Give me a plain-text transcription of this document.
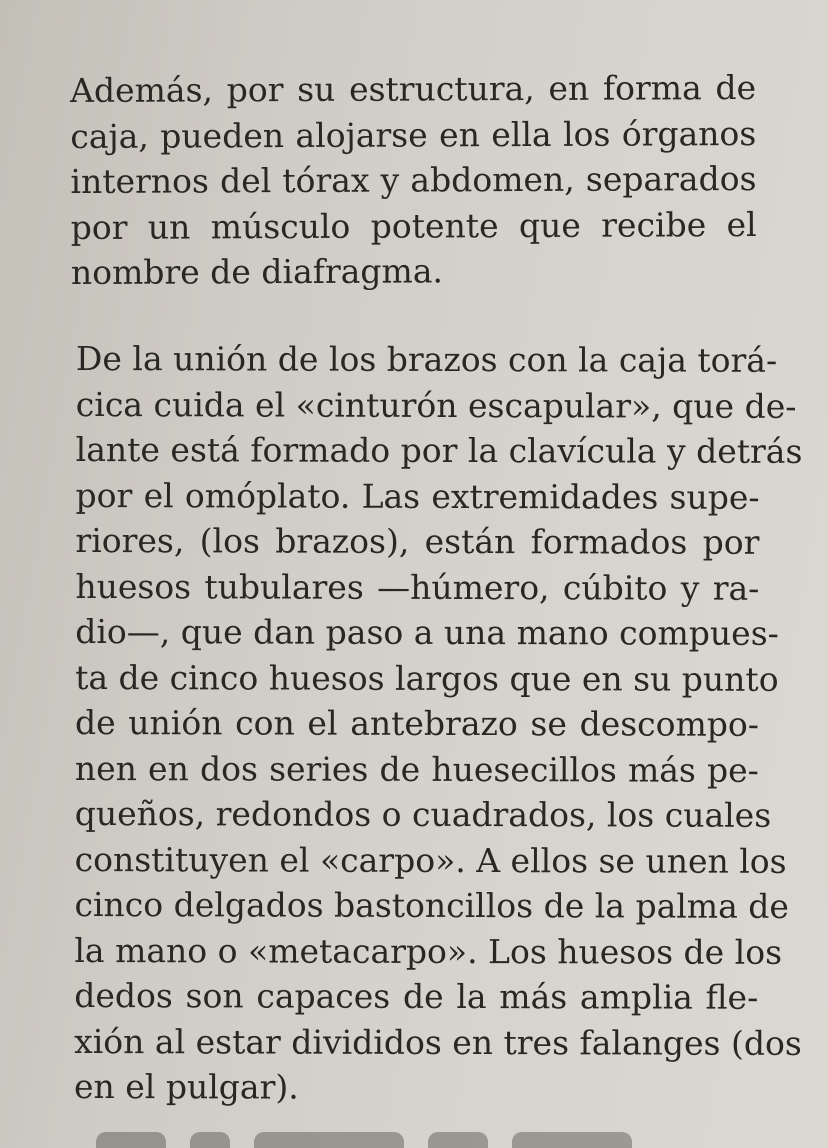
Además, por su estructura, en forma de
caja, pueden alojarse en ella los órganos
internos del tórax y abdomen, separados
por un músculo potente que recibe el
nombre de diafragma.

De la unión de los brazos con la caja torá-
cica cuida el «cinturón escapular», que de-
lante está formado por la clavícula y detrás
por el omóplato. Las extremidades supe-
riores, (los brazos), están formados por
huesos tubulares —húmero, cúbito y ra-
dio—, que dan paso a una mano compues-
ta de cinco huesos largos que en su punto
de unión con el antebrazo se descompo-
nen en dos series de huesecillos más pe-
queños, redondos o cuadrados, los cuales
constituyen el «carpo». A ellos se unen los
cinco delgados bastoncillos de la palma de
la mano o «metacarpo». Los huesos de los
dedos son capaces de la más amplia fle-
xión al estar divididos en tres falanges (dos
en el pulgar).
